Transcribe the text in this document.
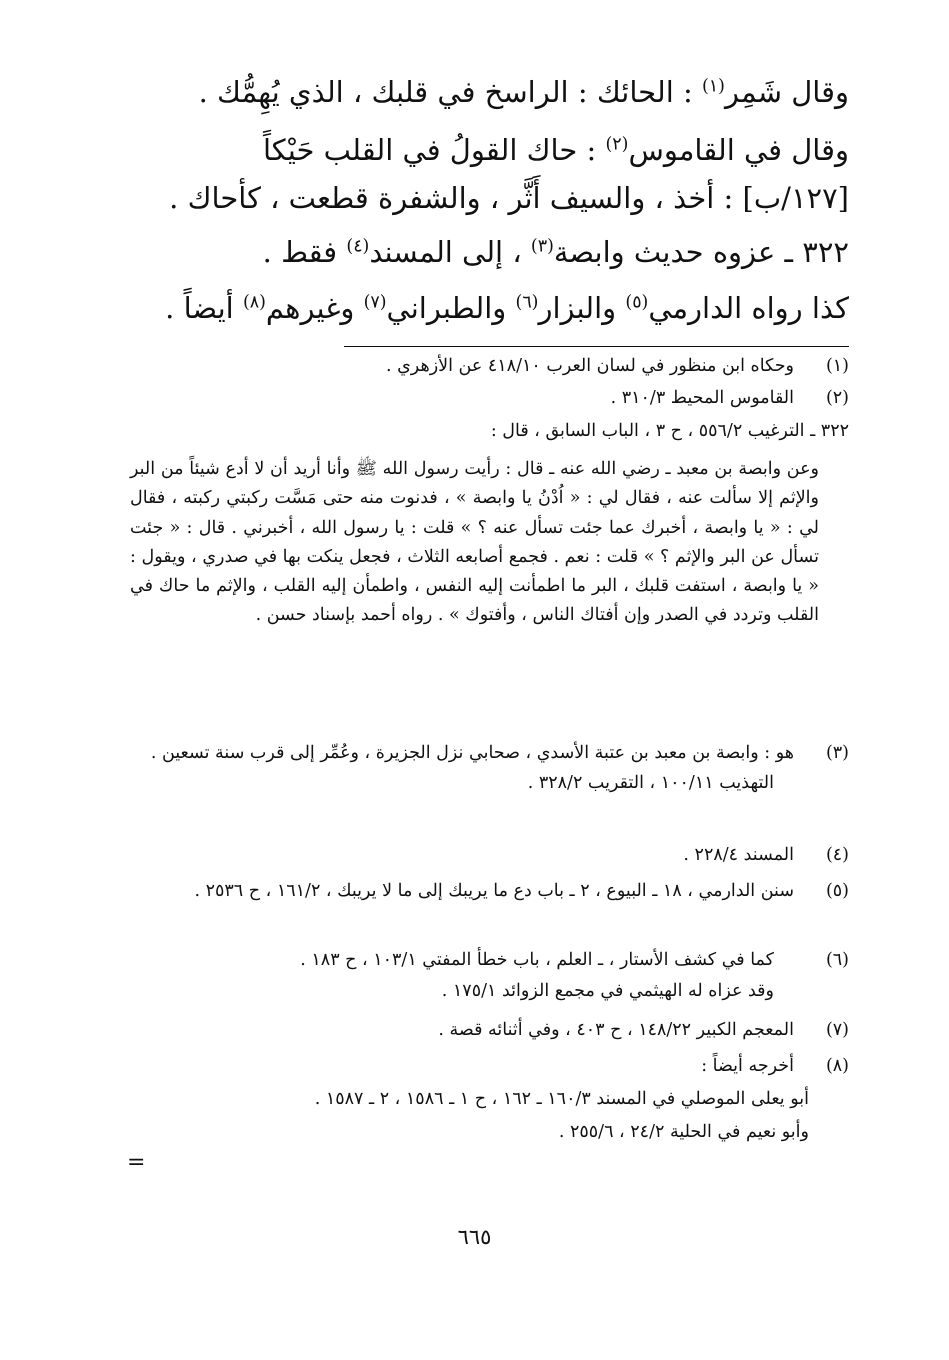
وقال شَمِر$^{(١)}$ : الحائك : الراسخ في قلبك ، الذي يُهِمُّك .
وقال في القاموس$^{(٢)}$ : حاك القولُ في القلب حَيْكاً
[١٢٧/ب] : أخذ ، والسيف أَثَّر ، والشفرة قطعت ، كأحاك .
٣٢٢ ـ عزوه حديث وابصة$^{(٣)}$ ، إلى المسند$^{(٤)}$ فقط .
كذا رواه الدارمي$^{(٥)}$ والبزار$^{(٦)}$ والطبراني$^{(٧)}$ وغيرهم$^{(٨)}$ أيضاً .
(١)
وحكاه ابن منظور في لسان العرب ٤١٨/١٠ عن الأزهري .
(٢)
القاموس المحيط ٣١٠/٣ .
٣٢٢ ـ الترغيب ٥٥٦/٢ ، ح ٣ ، الباب السابق ، قال :
وعن وابصة بن معبد ـ رضي الله عنه ـ قال : رأيت رسول الله ﷺ وأنا أريد أن لا أدع شيئاً من البر والإثم إلا سألت عنه ، فقال لي : « اُدْنُ يا وابصة » ، فدنوت منه حتى مَسَّت ركبتي ركبته ، فقال لي : « يا وابصة ، أخبرك عما جئت تسأل عنه ؟ » قلت : يا رسول الله ، أخبرني . قال : « جئت تسأل عن البر والإثم ؟ » قلت : نعم . فجمع أصابعه الثلاث ، فجعل ينكت بها في صدري ، ويقول : « يا وابصة ، استفت قلبك ، البر ما اطمأنت إليه النفس ، واطمأن إليه القلب ، والإثم ما حاك في القلب وتردد في الصدر وإن أفتاك الناس ، وأفتوك » . رواه أحمد بإسناد حسن .
(٣)
هو : وابصة بن معبد بن عتبة الأسدي ، صحابي نزل الجزيرة ، وعُمِّر إلى قرب سنة تسعين .
التهذيب ١٠٠/١١ ، التقريب ٣٢٨/٢ .
(٤)
المسند ٢٢٨/٤ .
(٥)
سنن الدارمي ، ١٨ ـ البيوع ، ٢ ـ باب دع ما يريبك إلى ما لا يريبك ، ١٦١/٢ ، ح ٢٥٣٦ .
(٦)
كما في كشف الأستار ، ـ العلم ، باب خطأ المفتي ١٠٣/١ ، ح ١٨٣ .
وقد عزاه له الهيثمي في مجمع الزوائد ١٧٥/١ .
(٧)
المعجم الكبير ١٤٨/٢٢ ، ح ٤٠٣ ، وفي أثنائه قصة .
(٨)
أخرجه أيضاً :
أبو يعلى الموصلي في المسند ١٦٠/٣ ـ ١٦٢ ، ح ١ ـ ١٥٨٦ ، ٢ ـ ١٥٨٧ .
وأبو نعيم في الحلية ٢٤/٢ ، ٢٥٥/٦ .
=
٦٦٥
